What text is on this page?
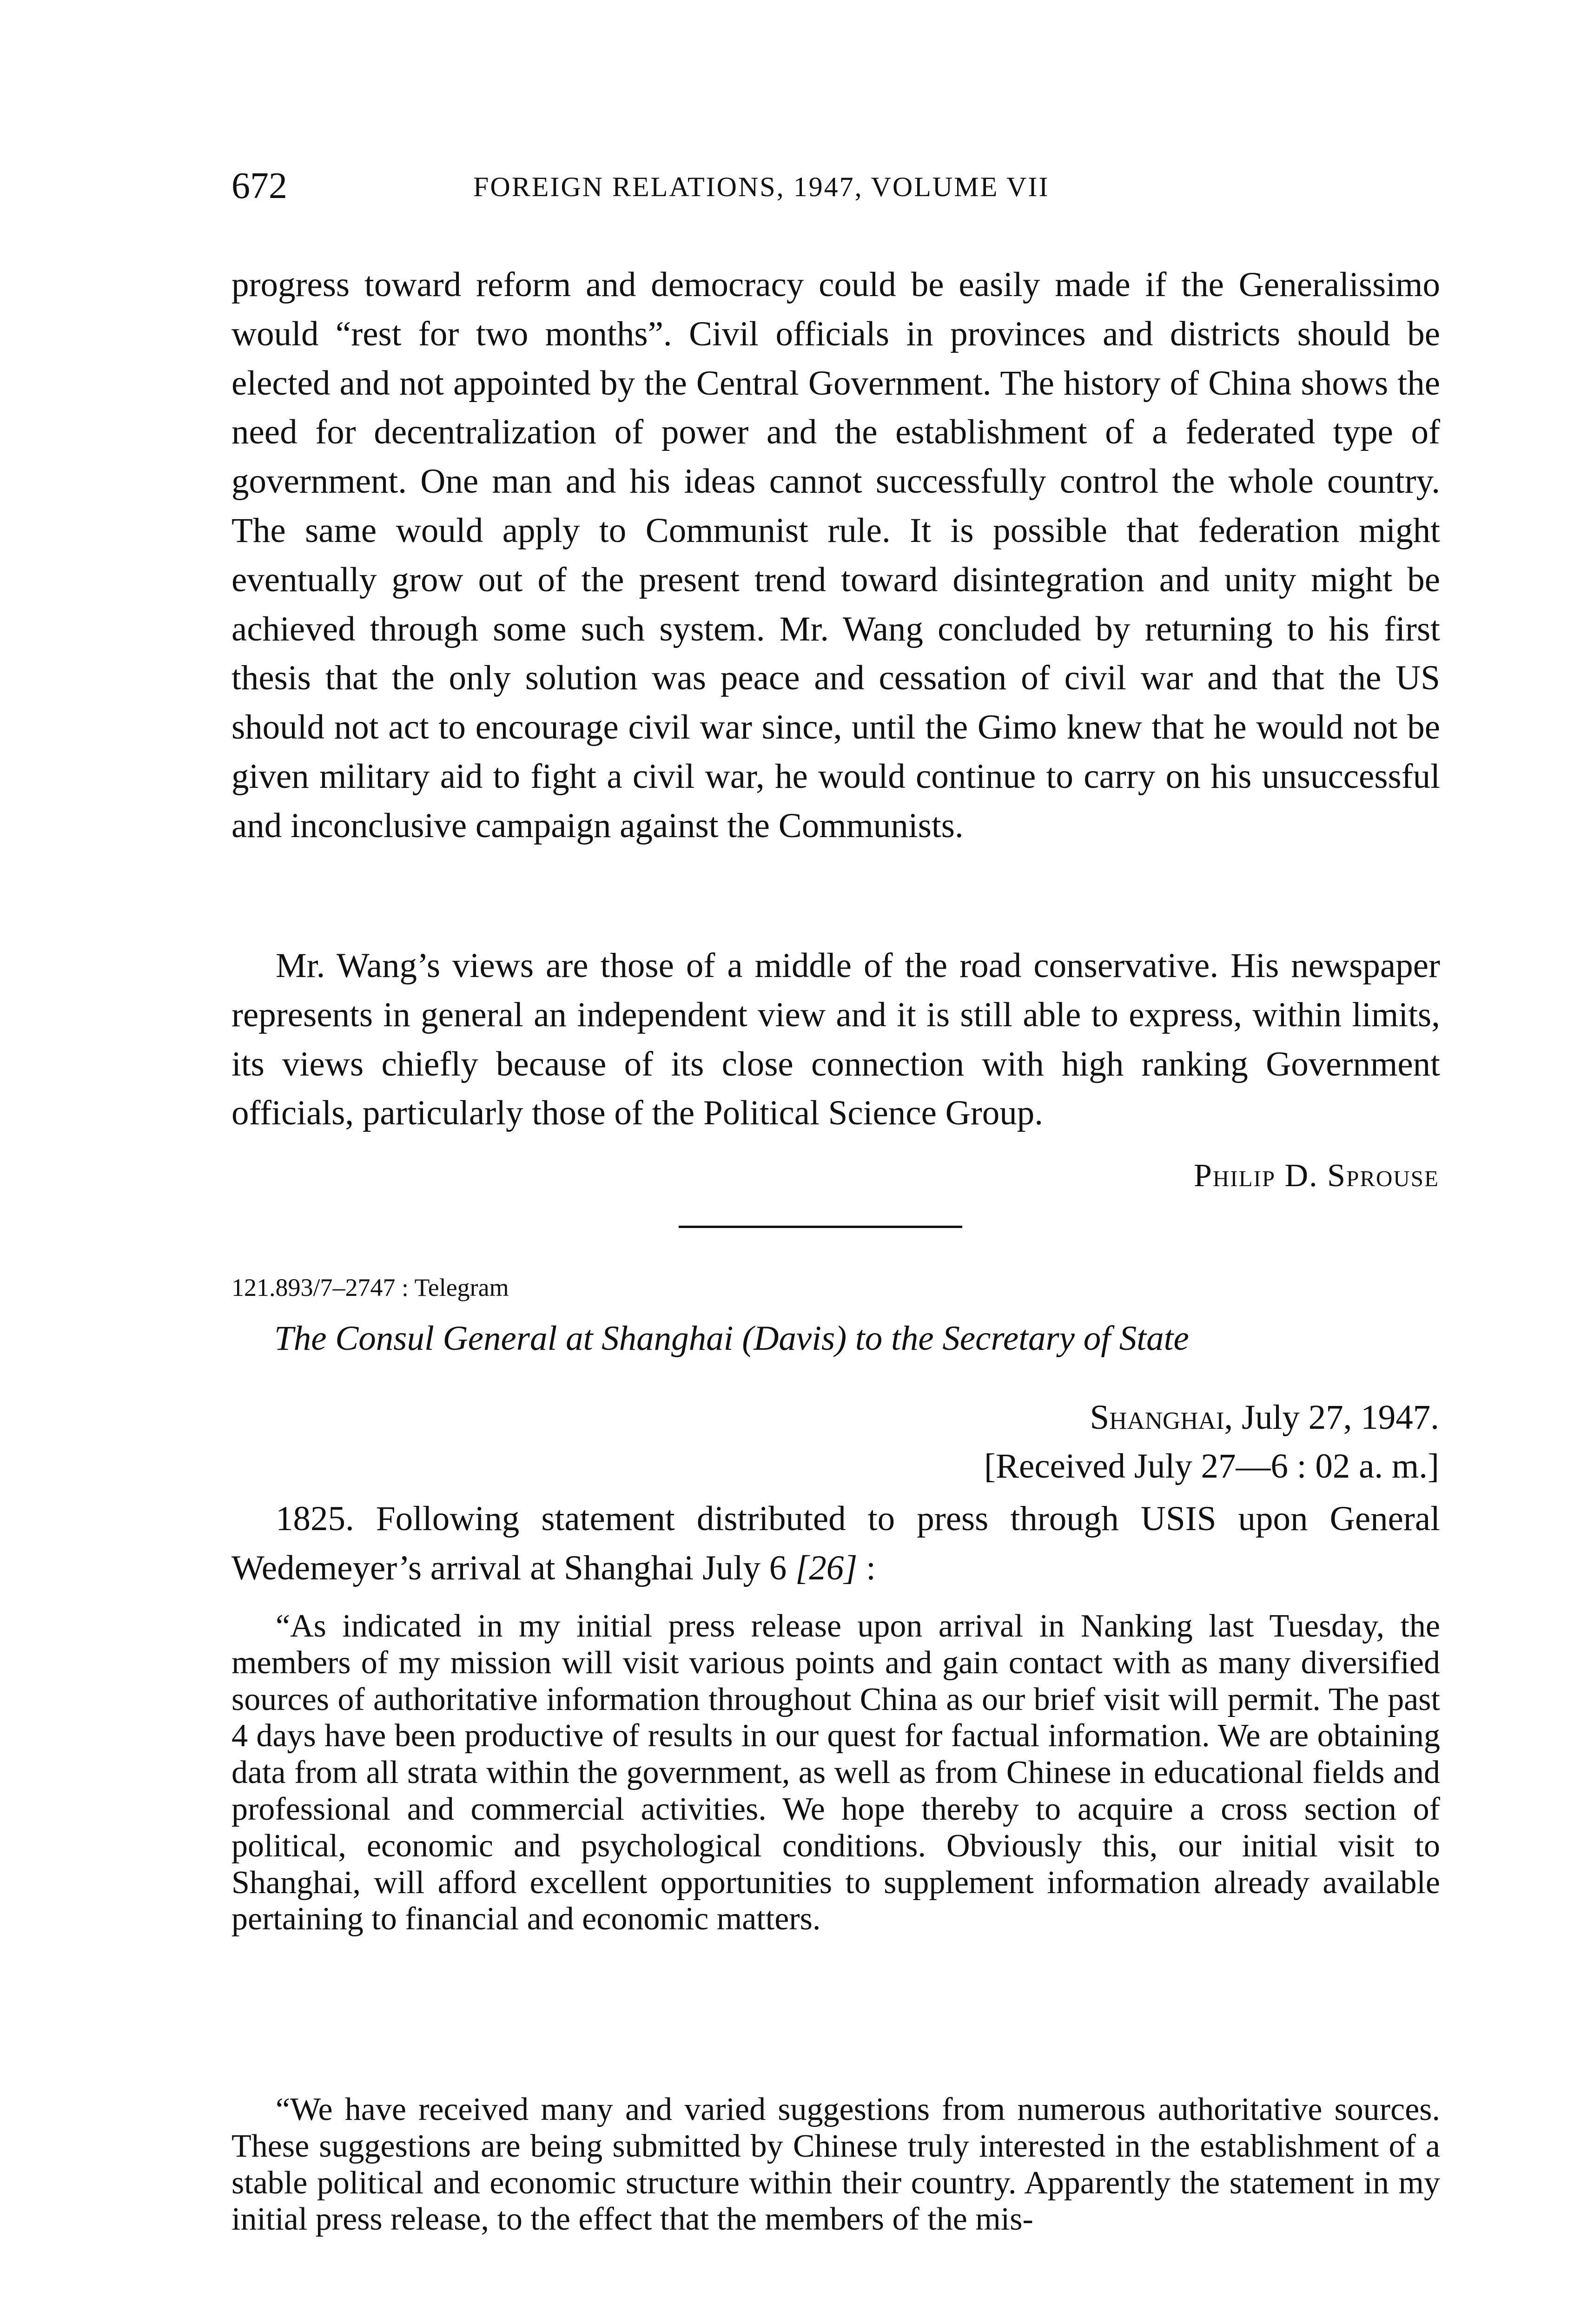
672	FOREIGN RELATIONS, 1947, VOLUME VII

progress toward reform and democracy could be easily made if the Generalissimo would “rest for two months”. Civil officials in provinces and districts should be elected and not appointed by the Central Government. The history of China shows the need for decentralization of power and the establishment of a federated type of government. One man and his ideas cannot successfully control the whole country. The same would apply to Communist rule. It is possible that federation might eventually grow out of the present trend toward disintegration and unity might be achieved through some such system. Mr. Wang concluded by returning to his first thesis that the only solution was peace and cessation of civil war and that the US should not act to encourage civil war since, until the Gimo knew that he would not be given military aid to fight a civil war, he would continue to carry on his unsuccessful and inconclusive campaign against the Communists.

Mr. Wang’s views are those of a middle of the road conservative. His newspaper represents in general an independent view and it is still able to express, within limits, its views chiefly because of its close connection with high ranking Government officials, particularly those of the Political Science Group.

Philip D. Sprouse
121.893/7–2747 : Telegram
The Consul General at Shanghai (Davis) to the Secretary of State
Shanghai, July 27, 1947.
[Received July 27—6 : 02 a. m.]

1825. Following statement distributed to press through USIS upon General Wedemeyer’s arrival at Shanghai July 6 [26] :

“As indicated in my initial press release upon arrival in Nanking last Tuesday, the members of my mission will visit various points and gain contact with as many diversified sources of authoritative information throughout China as our brief visit will permit. The past 4 days have been productive of results in our quest for factual information. We are obtaining data from all strata within the government, as well as from Chinese in educational fields and professional and commercial activities. We hope thereby to acquire a cross section of political, economic and psychological conditions. Obviously this, our initial visit to Shanghai, will afford excellent opportunities to supplement information already available pertaining to financial and economic matters.

“We have received many and varied suggestions from numerous authoritative sources. These suggestions are being submitted by Chinese truly interested in the establishment of a stable political and economic structure within their country. Apparently the statement in my initial press release, to the effect that the members of the mis-
